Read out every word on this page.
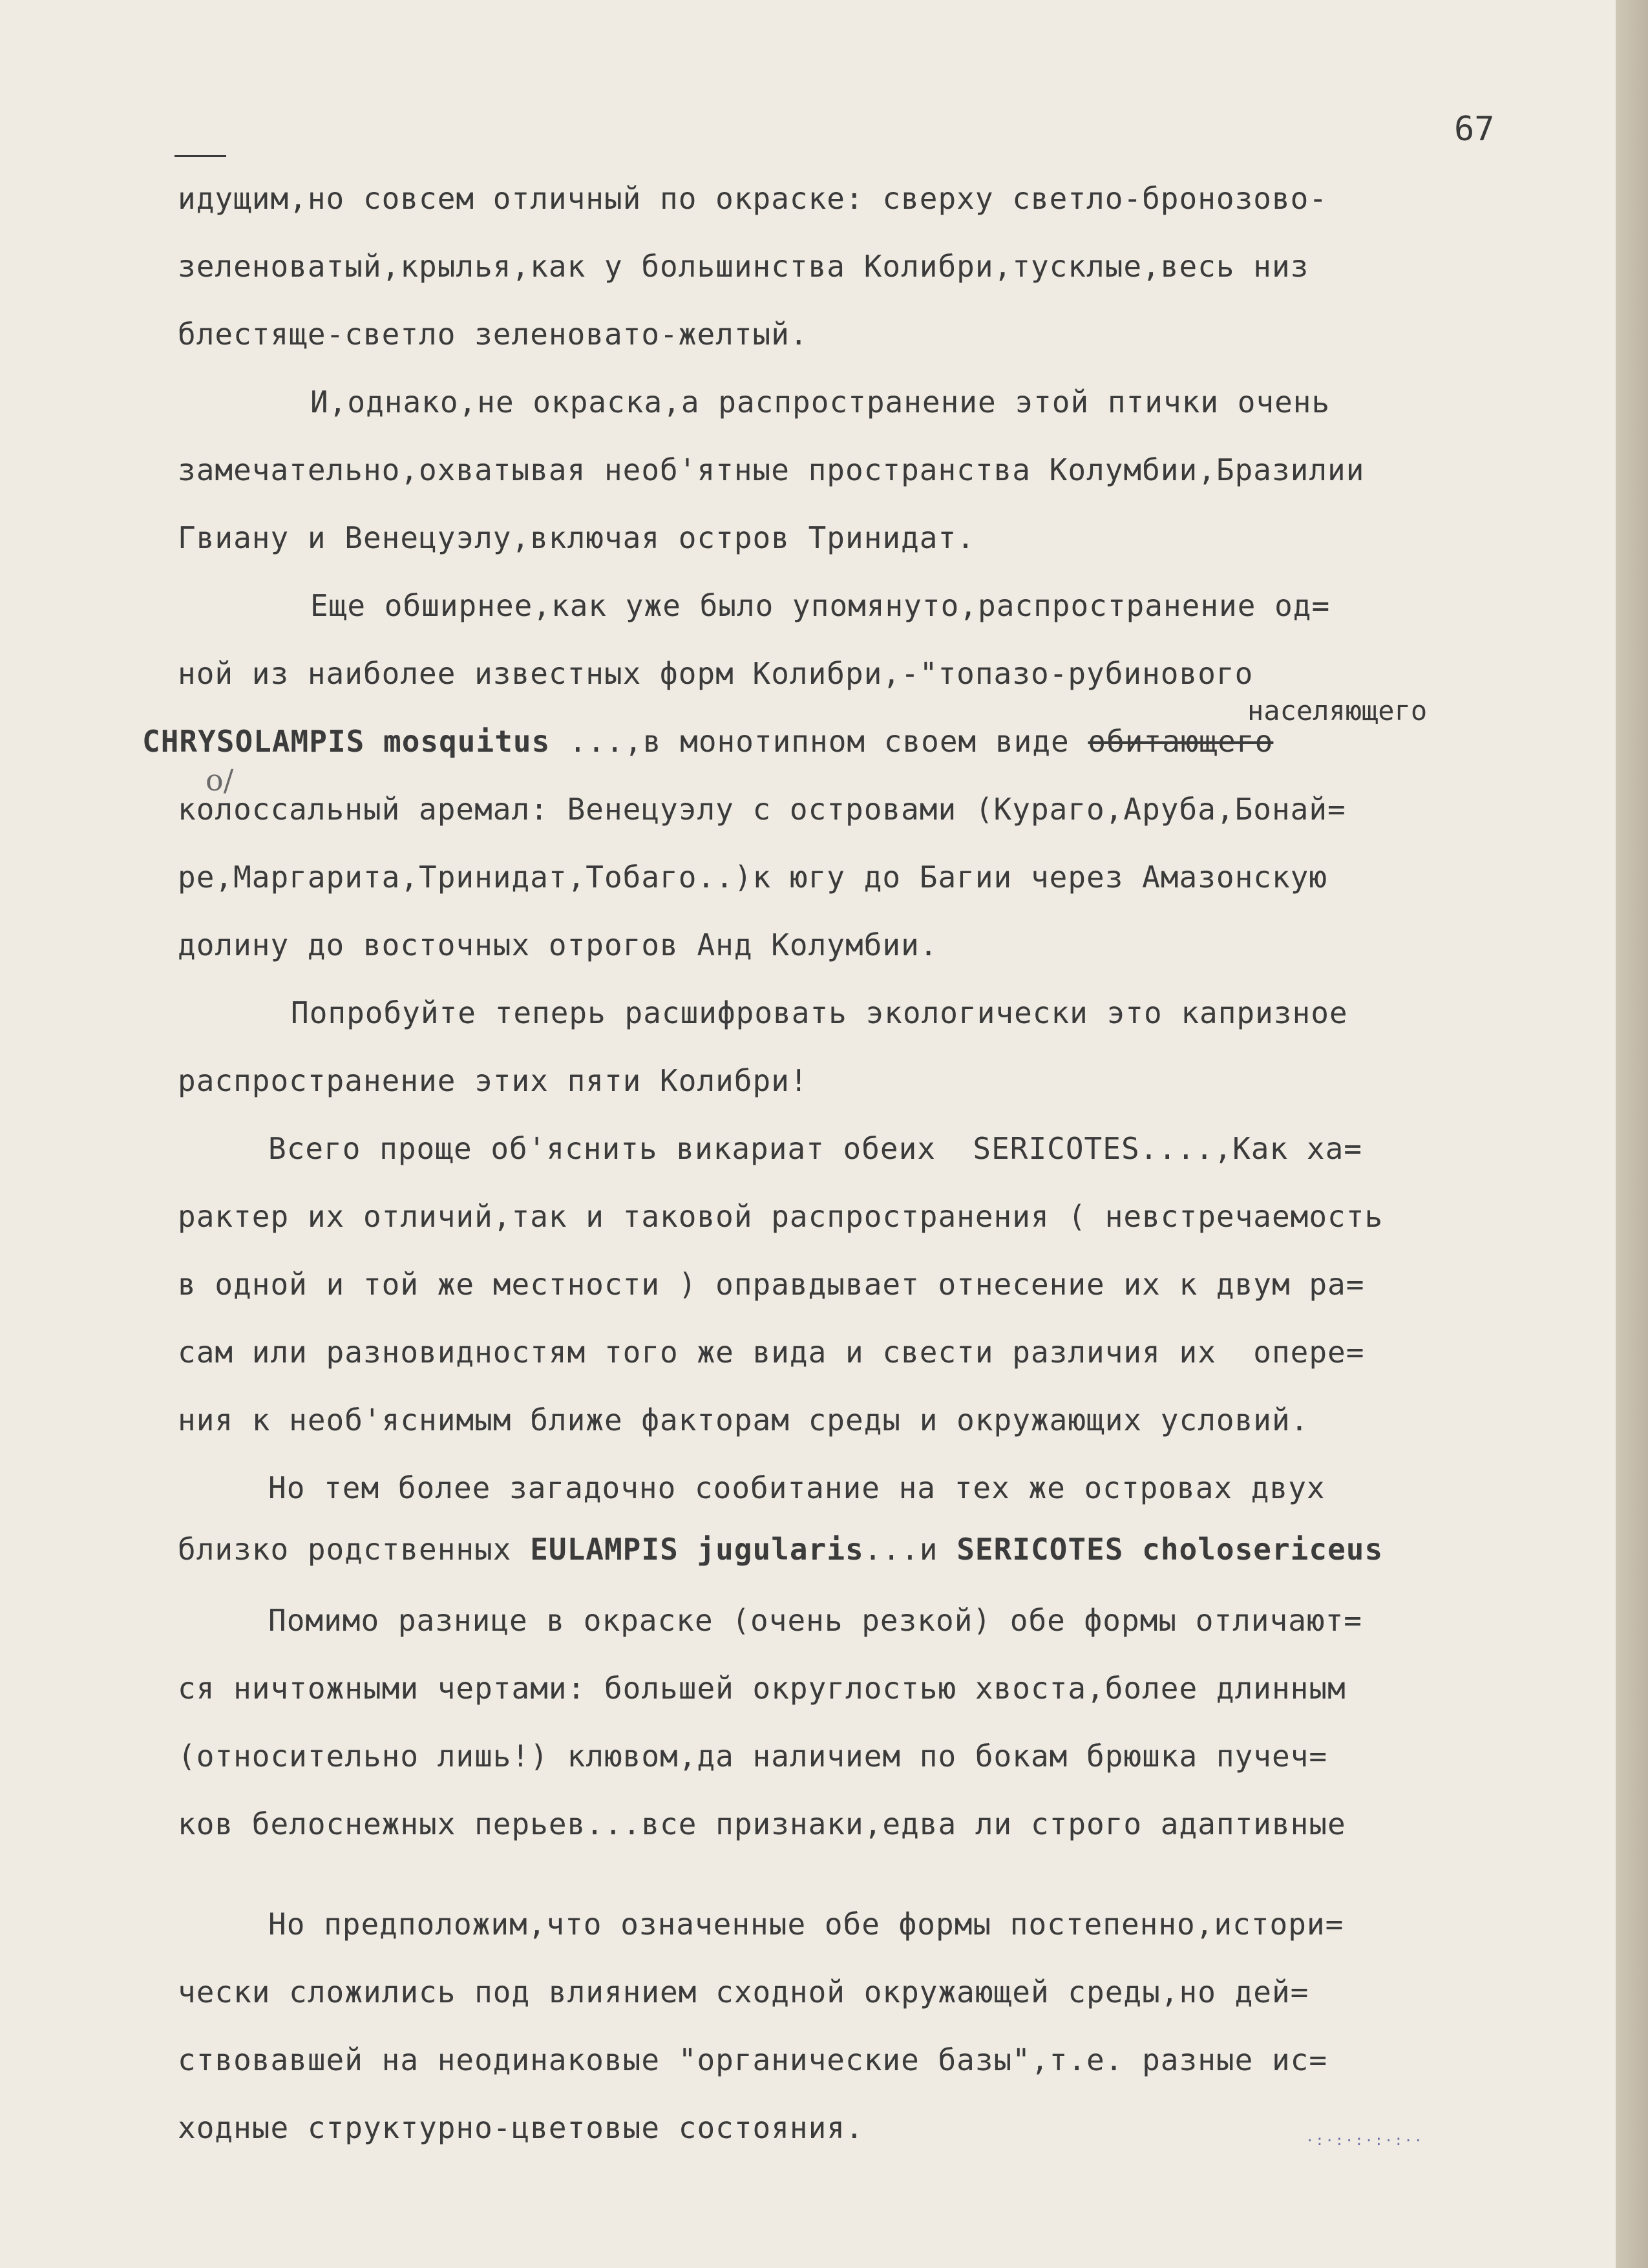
67
идущим,но совсем отличный по окраске: сверху светло-бронозово-
зеленоватый,крылья,как у большинства Колибри,тусклые,весь низ
блестяще-светло зеленовато-желтый.
И,однако,не окраска,а распространение этой птички очень
замечательно,охватывая необ'ятные пространства Колумбии,Бразилии
Гвиану и Венецуэлу,включая остров Тринидат.
Еще обширнее,как уже было упомянуто,распространение од=
ной из наиболее известных форм Колибри,-"топазо-рубинового
населяющего
CHRYSOLAMPIS mosquitus ...,в монотипном своем виде обитающего
о/
колоссальный аремал: Венецуэлу с островами (Кураго,Аруба,Бонай=
ре,Маргарита,Тринидат,Тобаго..)к югу до Багии через Амазонскую
долину до восточных отрогов Анд Колумбии.
Попробуйте теперь расшифровать экологически это капризное
распространение этих пяти Колибри!
Всего проще об'яснить викариат обеих  SERICOTES....,Как ха=
рактер их отличий,так и таковой распространения ( невстречаемость
в одной и той же местности ) оправдывает отнесение их к двум ра=
сам или разновидностям того же вида и свести различия их  опере=
ния к необ'яснимым ближе факторам среды и окружающих условий.
Но тем более загадочно сообитание на тех же островах двух
близко родственных EULAMPIS jugularis...и SERICOTES cholosericeus
Помимо разнице в окраске (очень резкой) обе формы отличают=
ся ничтожными чертами: большей округлостью хвоста,более длинным
(относительно лишь!) клювом,да наличием по бокам брюшка пучеч=
ков белоснежных перьев...все признаки,едва ли строго адаптивные
Но предположим,что означенные обе формы постепенно,истори=
чески сложились под влиянием сходной окружающей среды,но дей=
ствовавшей на неодинаковые "органические базы",т.е. разные ис=
ходные структурно-цветовые состояния.	·:·:·:·:·:··
